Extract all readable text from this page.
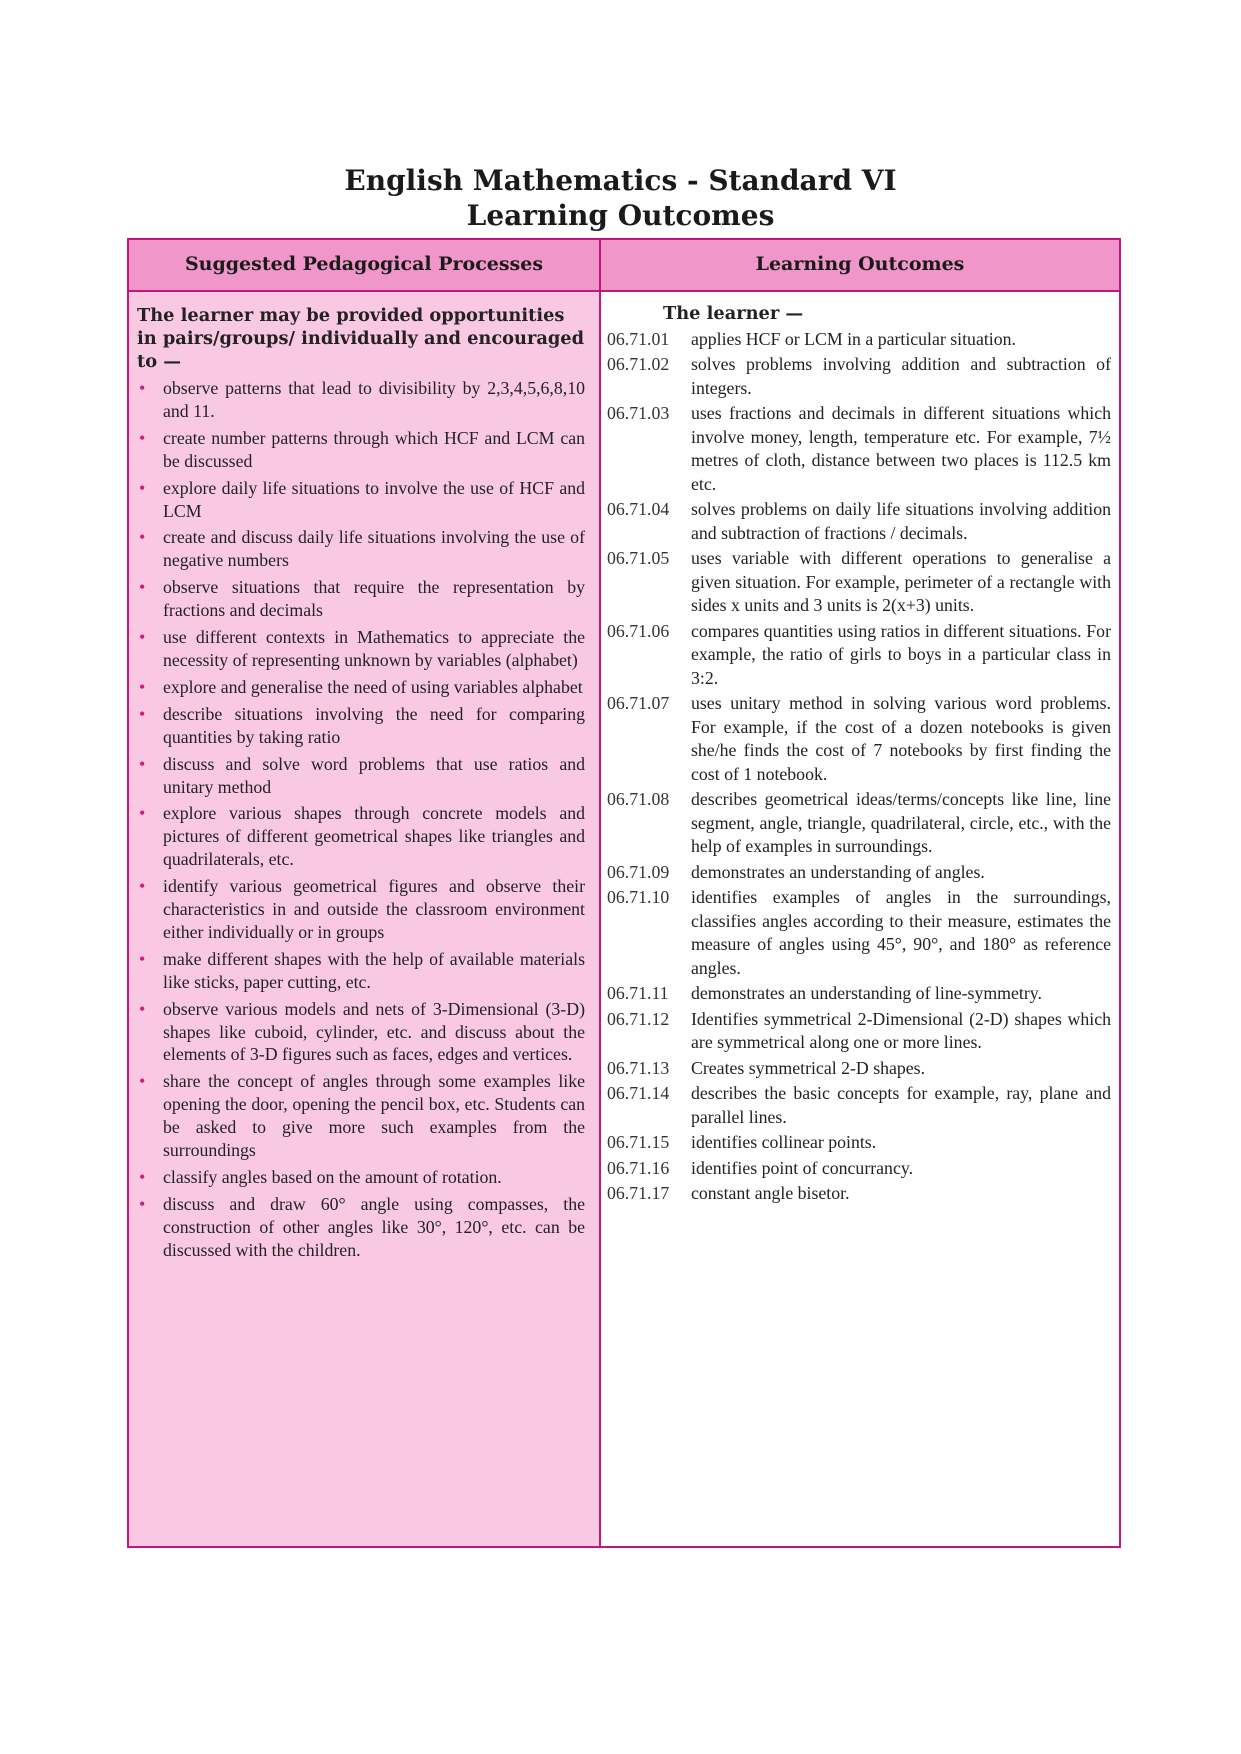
English Mathematics - Standard VI
Learning Outcomes
Suggested Pedagogical Processes	Learning Outcomes
The learner may be provided opportunities in pairs/groups/ individually and encouraged to —
• observe patterns that lead to divisibility by 2,3,4,5,6,8,10 and 11.
• create number patterns through which HCF and LCM can be discussed
• explore daily life situations to involve the use of HCF and LCM
• create and discuss daily life situations involving the use of negative numbers
• observe situations that require the representation by fractions and decimals
• use different contexts in Mathematics to appreciate the necessity of representing unknown by variables (alphabet)
• explore and generalise the need of using variables alphabet
• describe situations involving the need for comparing quantities by taking ratio
• discuss and solve word problems that use ratios and unitary method
• explore various shapes through concrete models and pictures of different geometrical shapes like triangles and quadrilaterals, etc.
• identify various geometrical figures and observe their characteristics in and outside the classroom environment either individually or in groups
• make different shapes with the help of available materials like sticks, paper cutting, etc.
• observe various models and nets of 3-Dimensional (3-D) shapes like cuboid, cylinder, etc. and discuss about the elements of 3-D figures such as faces, edges and vertices.
• share the concept of angles through some examples like opening the door, opening the pencil box, etc. Students can be asked to give more such examples from the surroundings
• classify angles based on the amount of rotation.
• discuss and draw 60° angle using compasses, the construction of other angles like 30°, 120°, etc. can be discussed with the children.
The learner —
06.71.01	applies HCF or LCM in a particular situation.
06.71.02	solves problems involving addition and subtraction of integers.
06.71.03	uses fractions and decimals in different situations which involve money, length, temperature etc. For example, 7½ metres of cloth, distance between two places is 112.5 km etc.
06.71.04	solves problems on daily life situations involving addition and subtraction of fractions / decimals.
06.71.05	uses variable with different operations to generalise a given situation. For example, perimeter of a rectangle with sides x units and 3 units is 2(x+3) units.
06.71.06	compares quantities using ratios in different situations. For example, the ratio of girls to boys in a particular class in 3:2.
06.71.07	uses unitary method in solving various word problems. For example, if the cost of a dozen notebooks is given she/he finds the cost of 7 notebooks by first finding the cost of 1 notebook.
06.71.08	describes geometrical ideas/terms/concepts like line, line segment, angle, triangle, quadrilateral, circle, etc., with the help of examples in surroundings.
06.71.09	demonstrates an understanding of angles.
06.71.10	identifies examples of angles in the surroundings, classifies angles according to their measure, estimates the measure of angles using 45°, 90°, and 180° as reference angles.
06.71.11	demonstrates an understanding of line-symmetry.
06.71.12	Identifies symmetrical 2-Dimensional (2-D) shapes which are symmetrical along one or more lines.
06.71.13	Creates symmetrical 2-D shapes.
06.71.14	describes the basic concepts for example, ray, plane and parallel lines.
06.71.15	identifies collinear points.
06.71.16	identifies point of concurrancy.
06.71.17	constant angle bisetor.
